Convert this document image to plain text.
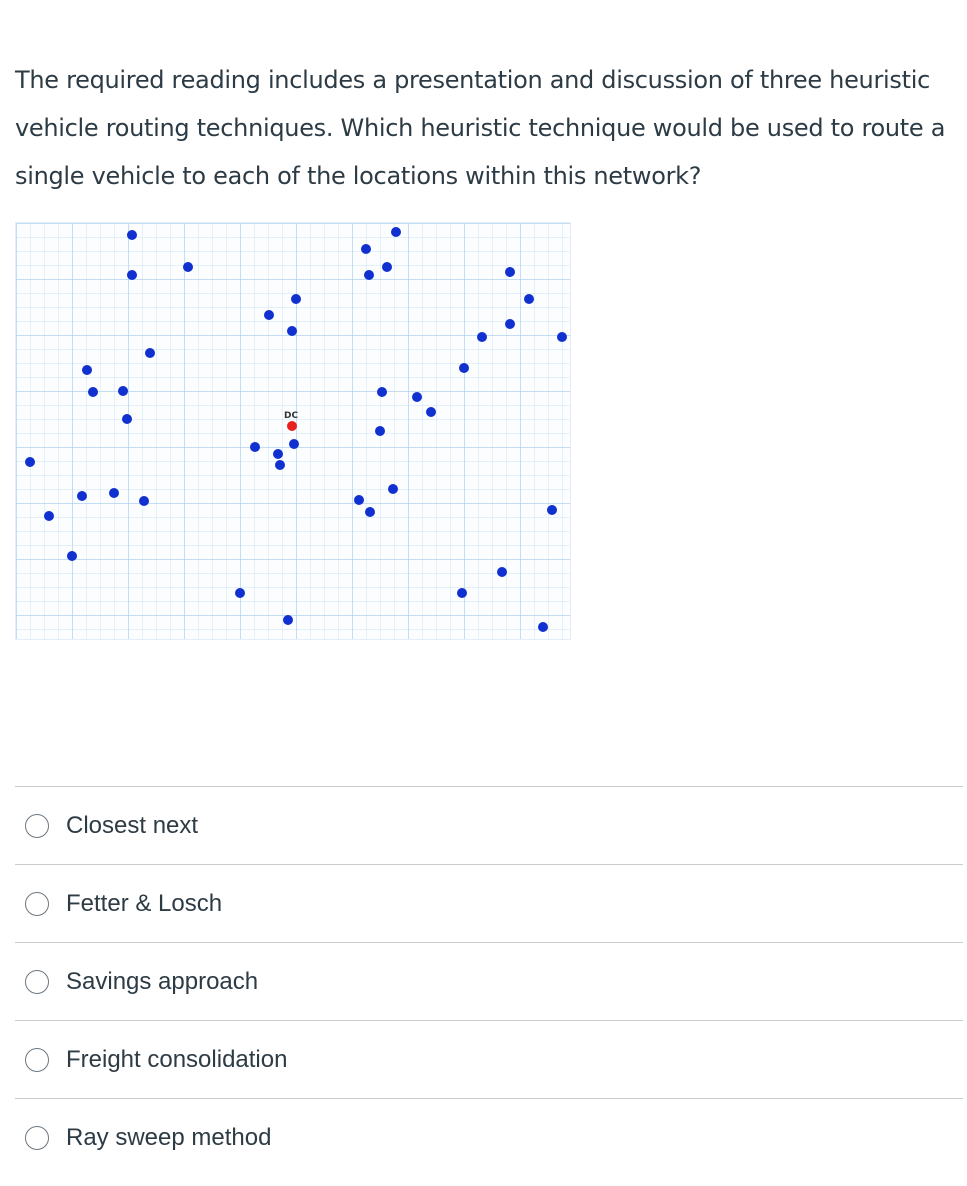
The required reading includes a presentation and discussion of three heuristic
vehicle routing techniques. Which heuristic technique would be used to route a
single vehicle to each of the locations within this network?
DC
Closest next
Fetter & Losch
Savings approach
Freight consolidation
Ray sweep method
